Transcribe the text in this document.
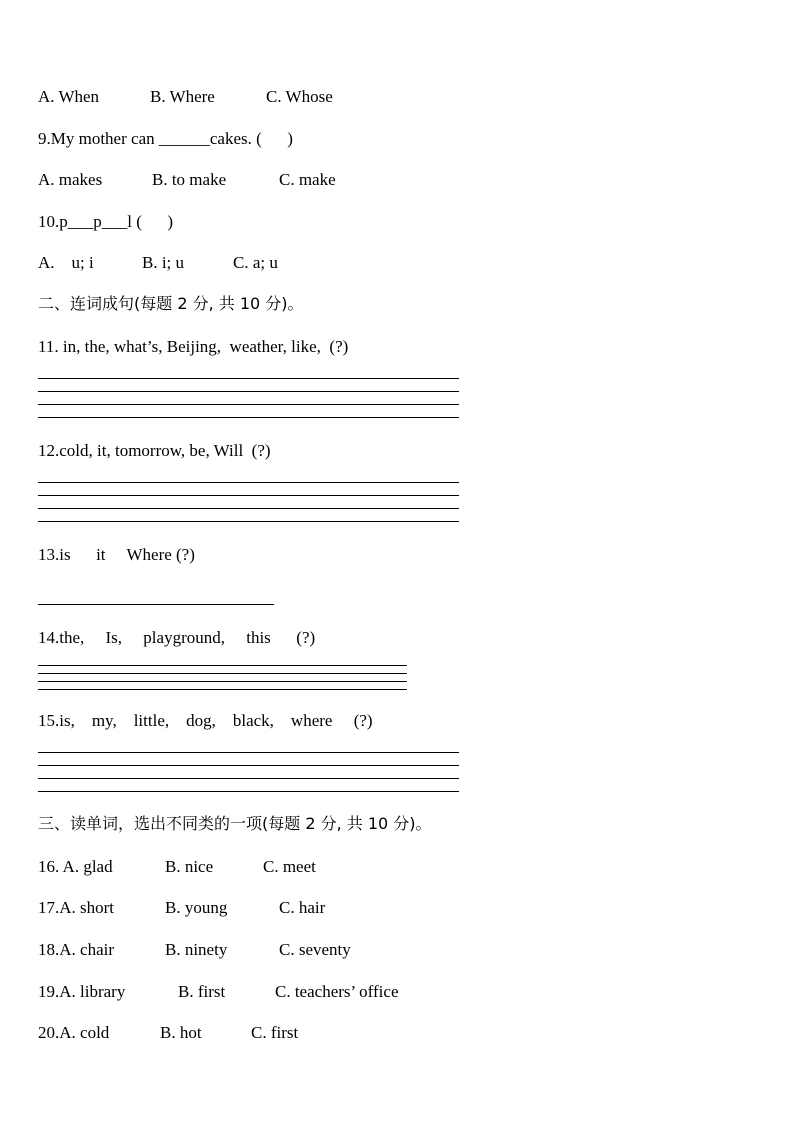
A. When	B. Where	C. Whose
9.My mother can ______cakes. (      )
A. makes	B. to make	C. make
10.p___p___l (      )
A.    u; i	B. i; u	C. a; u
二、连词成句(每题 2 分, 共 10 分)。
11. in, the, what’s, Beijing,  weather, like,  (?)
12.cold, it, tomorrow, be, Will  (?)
13.is      it     Where (?)
14.the,     Is,     playground,     this      (?)
15.is,    my,    little,    dog,    black,    where     (?)
三、读单词，选出不同类的一项(每题 2 分, 共 10 分)。
16. A. glad	B. nice	C. meet
17.A. short	B. young	C. hair
18.A. chair	B. ninety	C. seventy
19.A. library	B. first	C. teachers’ office
20.A. cold	B. hot	C. first
